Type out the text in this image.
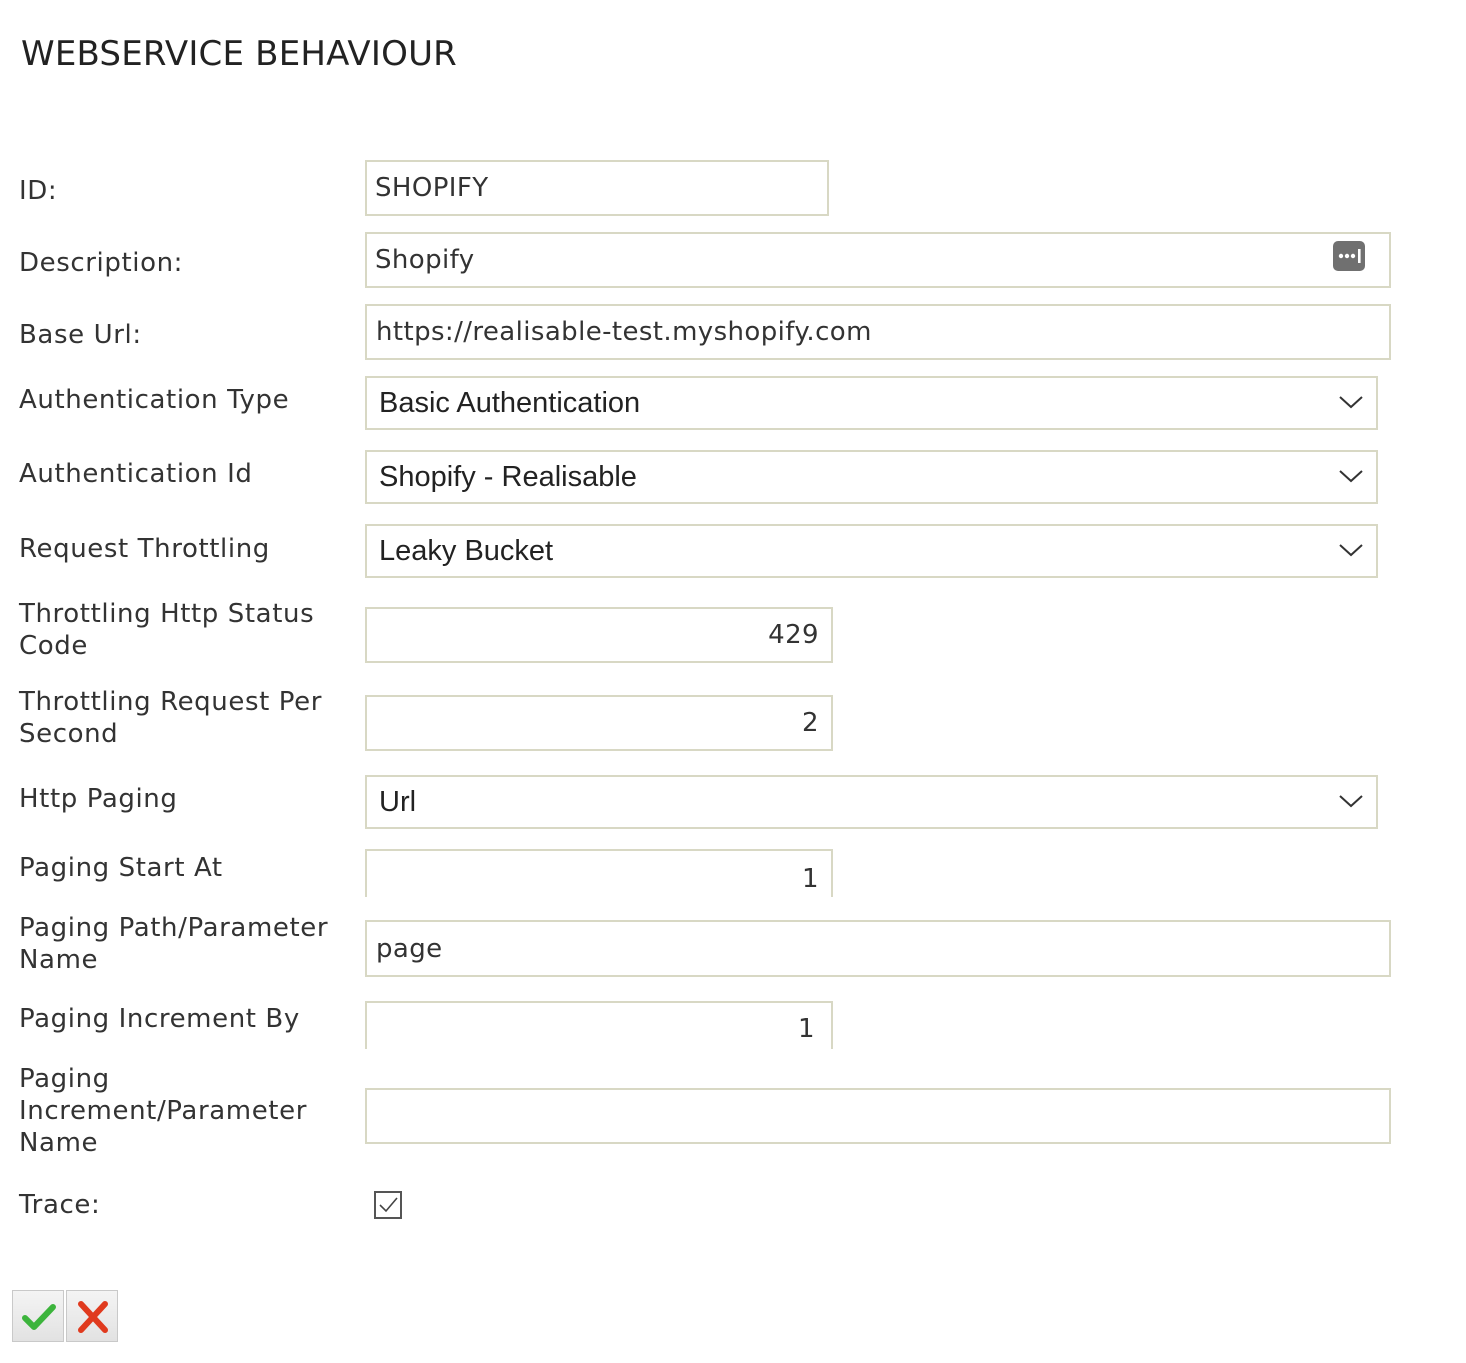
WEBSERVICE BEHAVIOUR
ID:	SHOPIFY
Description:	Shopify
Base Url:	https://realisable-test.myshopify.com
Authentication Type	Basic Authentication
Authentication Id	Shopify - Realisable
Request Throttling	Leaky Bucket
Throttling Http Status
Code	429
Throttling Request Per
Second	2
Http Paging	Url
Paging Start At	1
Paging Path/Parameter
Name	page
Paging Increment By	1
Paging
Increment/Parameter
Name
Trace:
